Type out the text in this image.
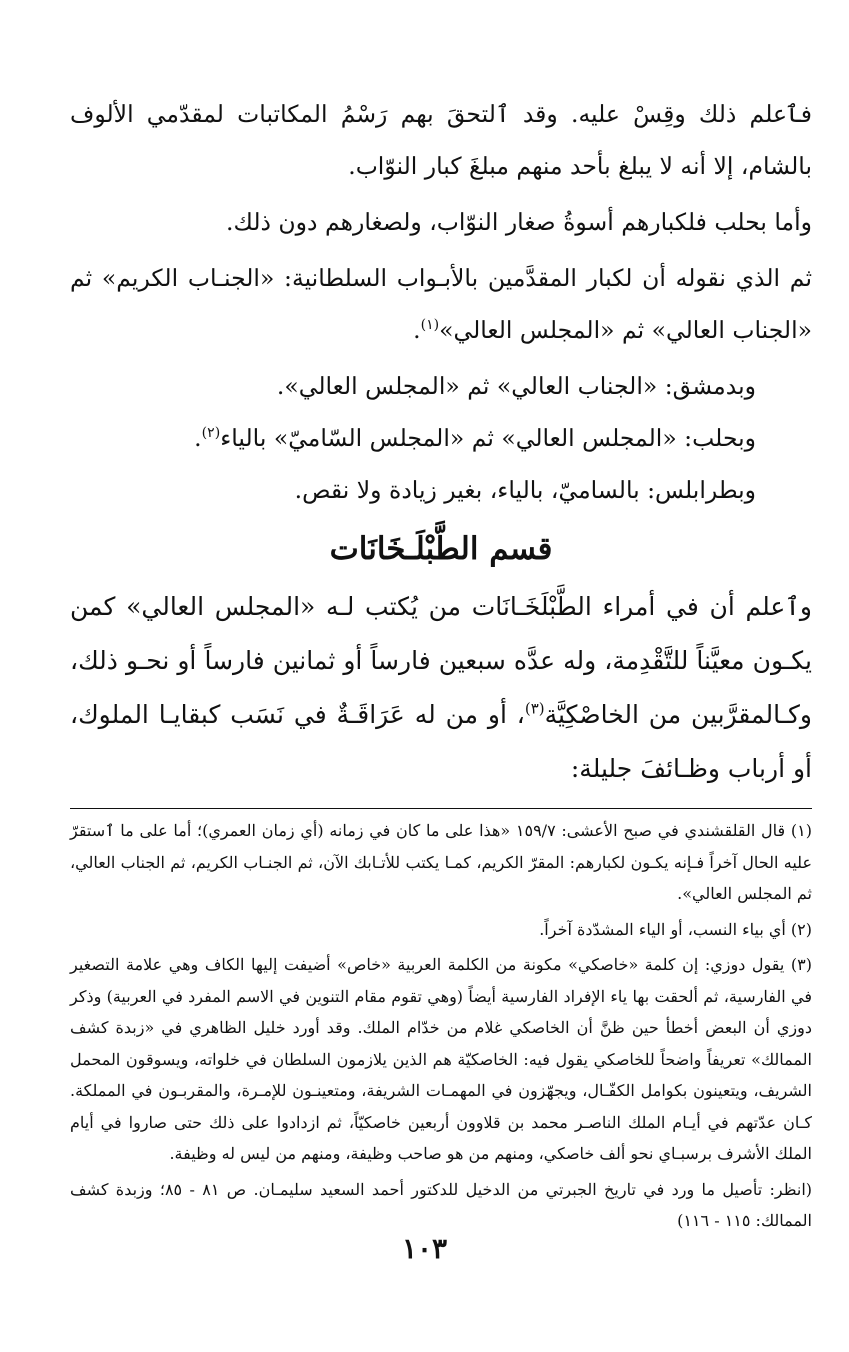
فٱعلم ذلك وقِسْ عليه. وقد ٱلتحقَ بهم رَسْمُ المكاتبات لمقدّمي الألوف بالشام، إلا أنه لا يبلغ بأحد منهم مبلغَ كبار النوّاب.

وأما بحلب فلكبارهم أسوةُ صغار النوّاب، ولصغارهم دون ذلك.

ثم الذي نقوله أن لكبار المقدَّمين بالأبـواب السلطانية: «الجنـاب الكريم» ثم «الجناب العالي» ثم «المجلس العالي»$^{(١)}$.

وبدمشق: «الجناب العالي» ثم «المجلس العالي».

وبحلب: «المجلس العالي» ثم «المجلس السّاميّ» بالياء$^{(٢)}$.

وبطرابلس: بالساميّ، بالياء، بغير زيادة ولا نقص.

قسم الطَّبْلَـخَانَات

وٱعلم أن في أمراء الطَّبْلَخَـانَات من يُكتب لـه «المجلس العالي» كمن يكـون معيَّناً للتَّقْدِمة، وله عدَّه سبعين فارساً أو ثمانين فارساً أو نحـو ذلك، وكـالمقرَّبين من الخاصْكِيَّة$^{(٣)}$، أو من له عَرَاقَـةٌ في نَسَب كبقايـا الملوك، أو أرباب وظـائفَ جليلة:

(١) قال القلقشندي في صبح الأعشى: ١٥٩/٧ «هذا على ما كان في زمانه (أي زمان العمري)؛ أما على ما ٱستقرّ عليه الحال آخراً فـإنه يكـون لكبارهم: المقرّ الكريم، كمـا يكتب للأتـابك الآن، ثم الجنـاب الكريم، ثم الجناب العالي، ثم المجلس العالي».

(٢) أي بياء النسب، أو الياء المشدّدة آخراً.

(٣) يقول دوزي: إن كلمة «خاصكي» مكونة من الكلمة العربية «خاص» أضيفت إليها الكاف وهي علامة التصغير في الفارسية، ثم ألحقت بها ياء الإفراد الفارسية أيضاً (وهي تقوم مقام التنوين في الاسم المفرد في العربية) وذكر دوزي أن البعض أخطأ حين ظنَّ أن الخاصكي غلام من خدّام الملك. وقد أورد خليل الظاهري في «زبدة كشف الممالك» تعريفاً واضحاً للخاصكي يقول فيه: الخاصكيّة هم الذين يلازمون السلطان في خلواته، ويسوقون المحمل الشريف، ويتعينون بكوامل الكفّـال، ويجهّزون في المهمـات الشريفة، ومتعينـون للإمـرة، والمقربـون في المملكة. كـان عدّتهم في أيـام الملك الناصـر محمد بن قلاوون أربعين خاصكيّاً، ثم ازدادوا على ذلك حتى صاروا في أيام الملك الأشرف برسبـاي نحو ألف خاصكي، ومنهم من هو صاحب وظيفة، ومنهم من ليس له وظيفة.

(انظر: تأصيل ما ورد في تاريخ الجبرتي من الدخيل للدكتور أحمد السعيد سليمـان. ص ٨١ - ٨٥؛ وزبدة كشف الممالك: ١١٥ - ١١٦)

١٠٣
